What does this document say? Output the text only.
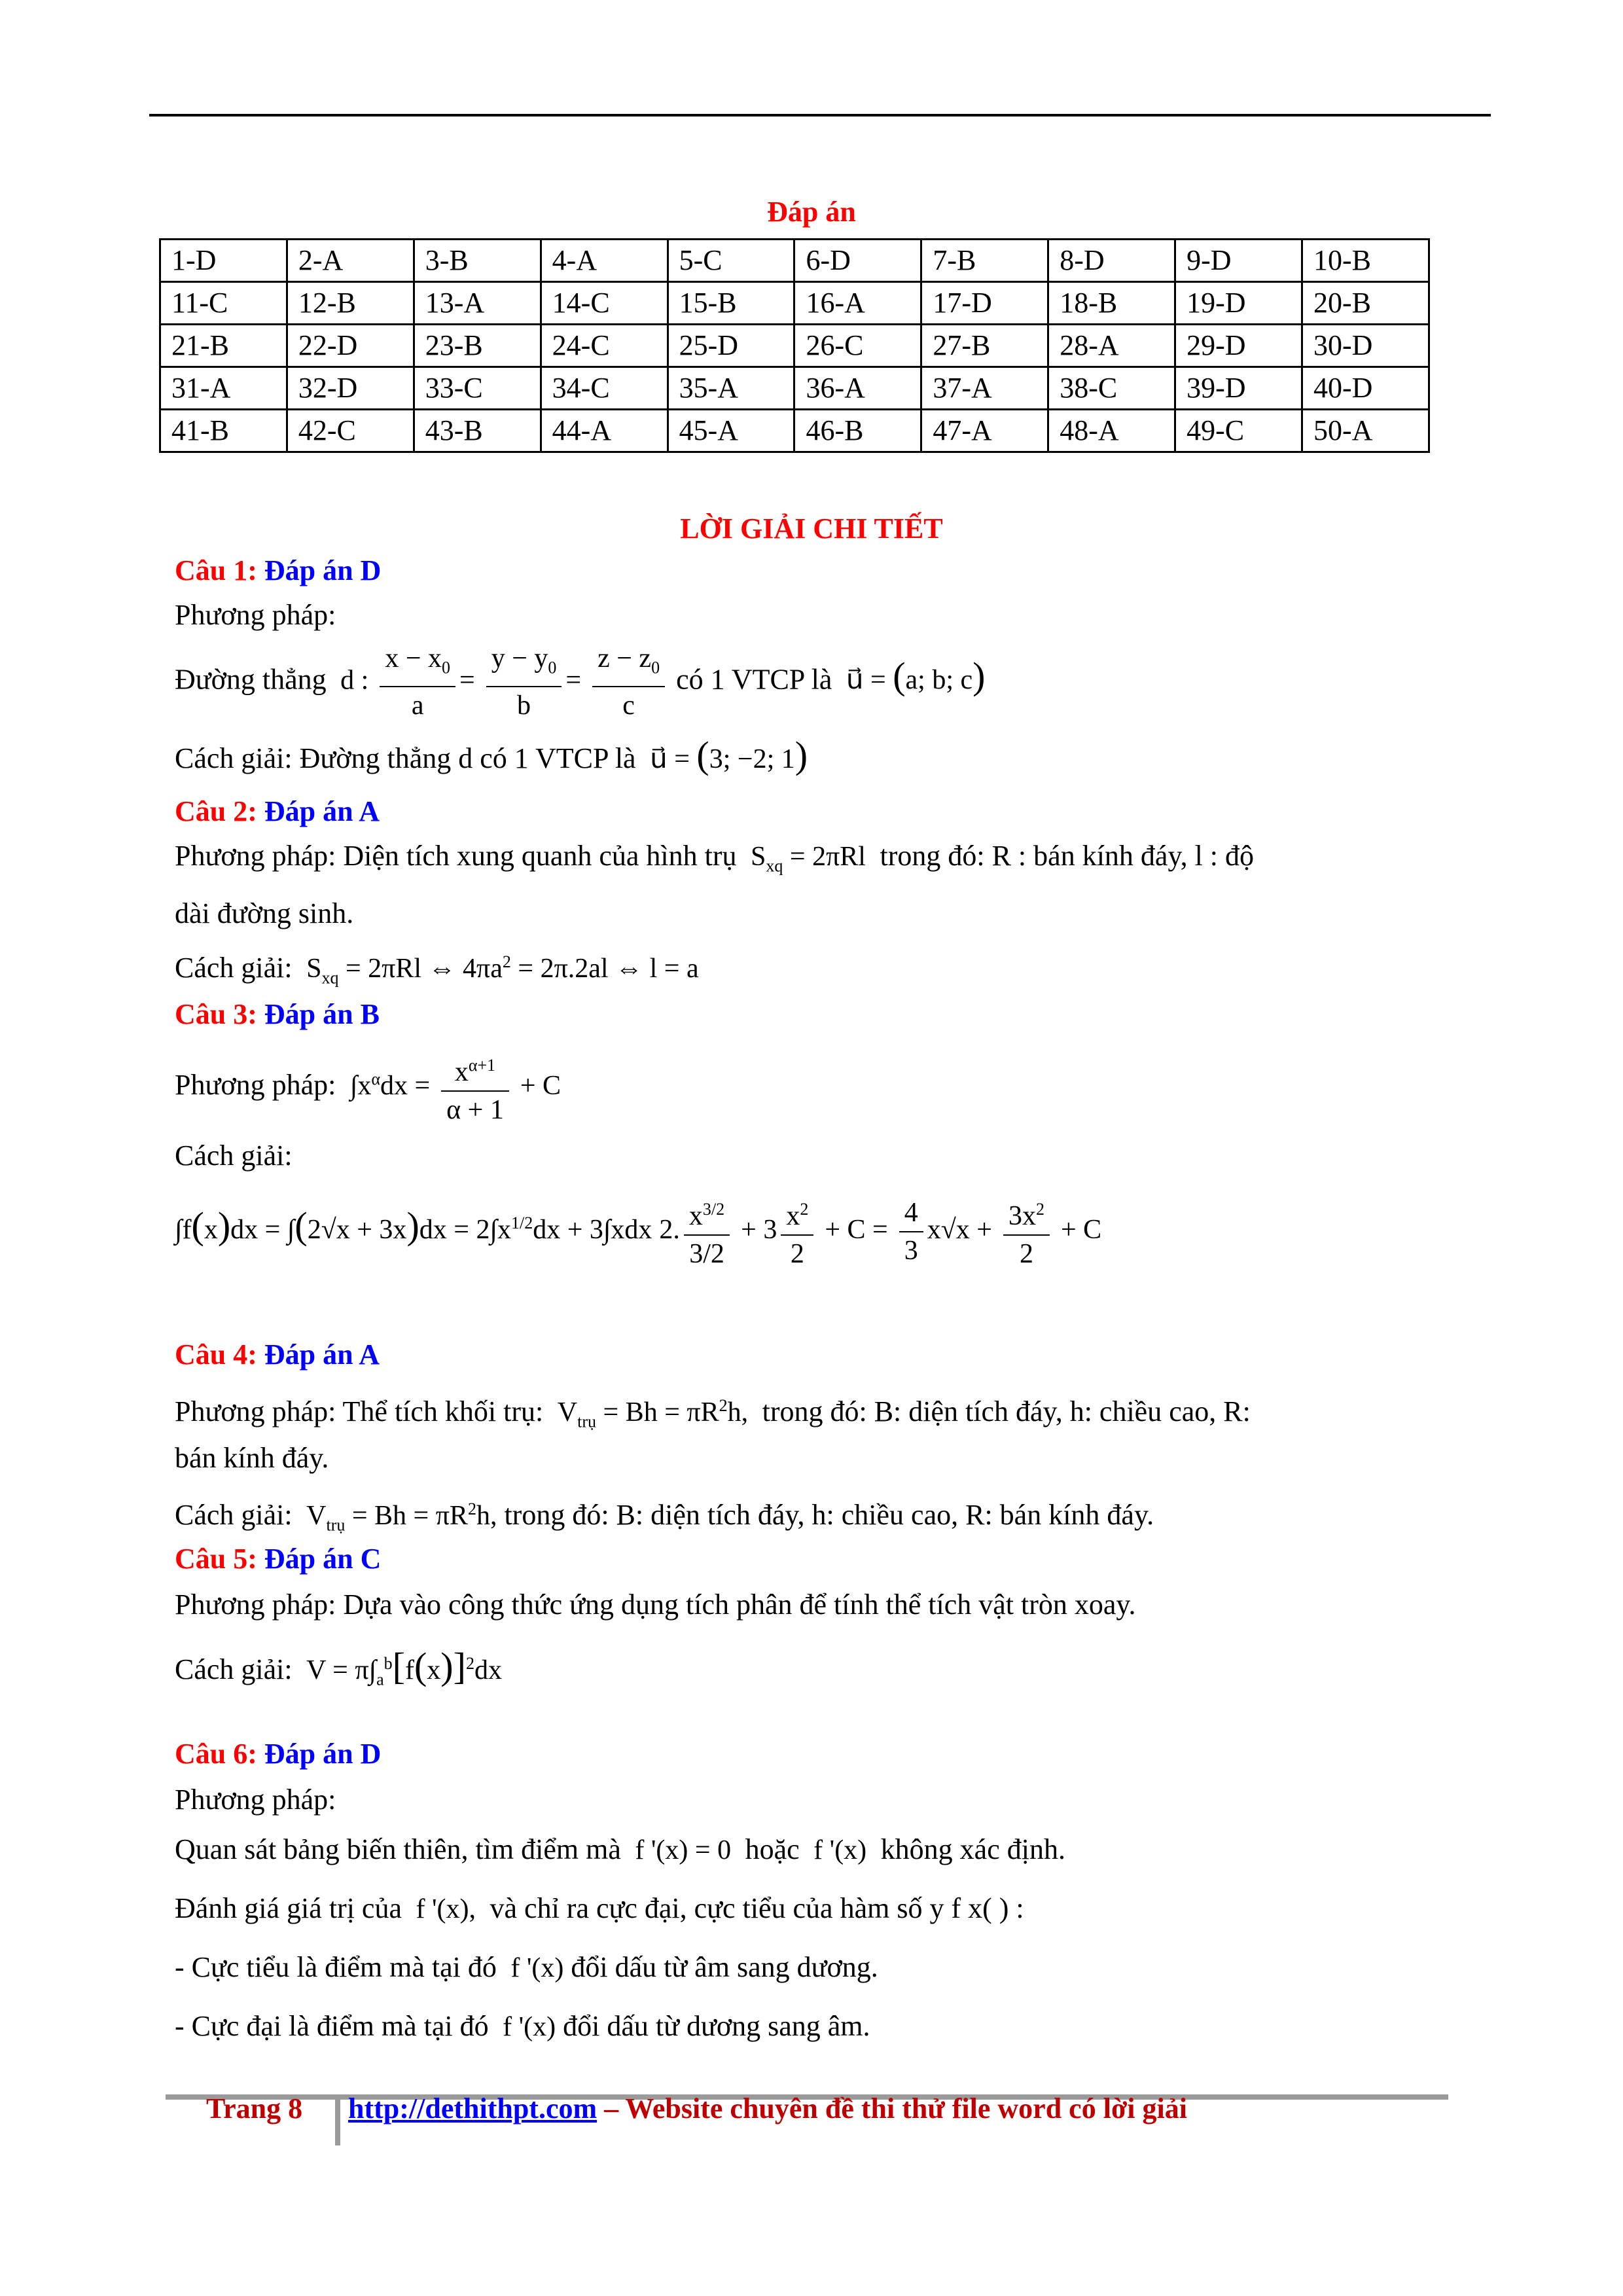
Đáp án
1-D	2-A	3-B	4-A	5-C	6-D	7-B	8-D	9-D	10-B
11-C	12-B	13-A	14-C	15-B	16-A	17-D	18-B	19-D	20-B
21-B	22-D	23-B	24-C	25-D	26-C	27-B	28-A	29-D	30-D
31-A	32-D	33-C	34-C	35-A	36-A	37-A	38-C	39-D	40-D
41-B	42-C	43-B	44-A	45-A	46-B	47-A	48-A	49-C	50-A
LỜI GIẢI CHI TIẾT
Câu 1: Đáp án D
Phương pháp:
Đường thẳng  d : $\frac{x - x_0}{a} = \frac{y - y_0}{b} = \frac{z - z_0}{c}$ có 1 VTCP là  u⃗ = (a; b; c)
Cách giải: Đường thẳng d có 1 VTCP là  u⃗ = (3; −2; 1)
Câu 2: Đáp án A
Phương pháp: Diện tích xung quanh của hình trụ  $S_{xq} = 2\pi Rl$  trong đó: R : bán kính đáy, l : độ
dài đường sinh.
Cách giải:  $S_{xq} = 2\pi Rl$ ⇔ $4\pi a^2 = 2\pi.2al$ ⇔ l = a
Câu 3: Đáp án B
Phương pháp:  $\int x^\alpha dx = \frac{x^{\alpha+1}}{\alpha + 1} + C$
Cách giải:
$\int f(x)dx = \int(2√x + 3x)dx = 2\int x^{1/2}dx + 3\int xdx$ 2. $\frac{x^{3/2}}{3/2} + 3 \frac{x^2}{2} + C = \frac{4}{3} x√x + \frac{3x^2}{2} + C$
Câu 4: Đáp án A
Phương pháp: Thể tích khối trụ:  $V_{trụ} = Bh = \pi R^2h$,  trong đó: B: diện tích đáy, h: chiều cao, R:
bán kính đáy.
Cách giải:  $V_{trụ} = Bh = \pi R^2h$, trong đó: B: diện tích đáy, h: chiều cao, R: bán kính đáy.
Câu 5: Đáp án C
Phương pháp: Dựa vào công thức ứng dụng tích phân để tính thể tích vật tròn xoay.
Cách giải:  $V = \pi\int_a^b[f(x)]^2dx$
Câu 6: Đáp án D
Phương pháp:
Quan sát bảng biến thiên, tìm điểm mà  f '(x) = 0  hoặc  f '(x)  không xác định.
Đánh giá giá trị của  f '(x),  và chỉ ra cực đại, cực tiểu của hàm số y f x( ) :
- Cực tiểu là điểm mà tại đó  f '(x) đổi dấu từ âm sang dương.
- Cực đại là điểm mà tại đó  f '(x) đổi dấu từ dương sang âm.
Trang 8 http://dethithpt.com – Website chuyên đề thi thử file word có lời giải
